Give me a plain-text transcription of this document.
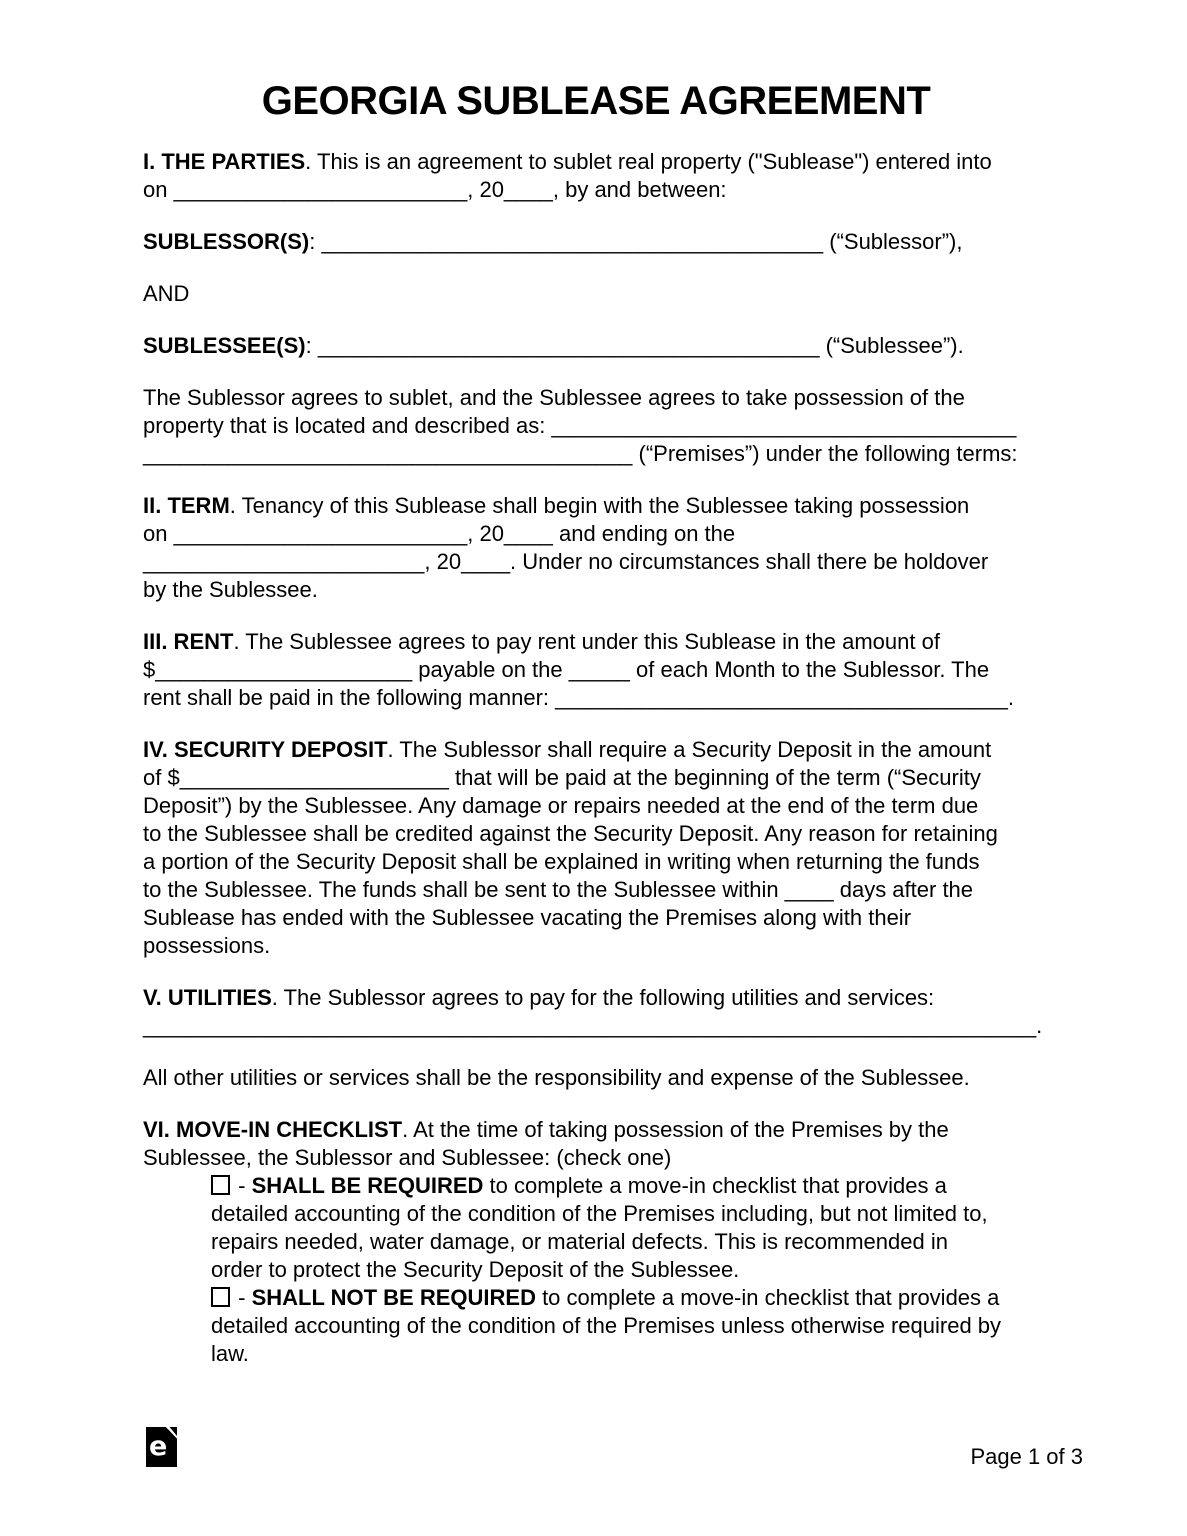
GEORGIA SUBLEASE AGREEMENT
I. THE PARTIES. This is an agreement to sublet real property ("Sublease") entered into
on ________________________, 20____, by and between:
SUBLESSOR(S): _________________________________________ (“Sublessor”),
AND
SUBLESSEE(S): _________________________________________ (“Sublessee”).
The Sublessor agrees to sublet, and the Sublessee agrees to take possession of the
property that is located and described as: ______________________________________
________________________________________ (“Premises”) under the following terms:
II. TERM. Tenancy of this Sublease shall begin with the Sublessee taking possession
on ________________________, 20____ and ending on the
_______________________, 20____. Under no circumstances shall there be holdover
by the Sublessee.
III. RENT. The Sublessee agrees to pay rent under this Sublease in the amount of
$_____________________ payable on the _____ of each Month to the Sublessor. The
rent shall be paid in the following manner: _____________________________________.
IV. SECURITY DEPOSIT. The Sublessor shall require a Security Deposit in the amount
of $______________________ that will be paid at the beginning of the term (“Security
Deposit”) by the Sublessee. Any damage or repairs needed at the end of the term due
to the Sublessee shall be credited against the Security Deposit. Any reason for retaining
a portion of the Security Deposit shall be explained in writing when returning the funds
to the Sublessee. The funds shall be sent to the Sublessee within ____ days after the
Sublease has ended with the Sublessee vacating the Premises along with their
possessions.
V. UTILITIES. The Sublessor agrees to pay for the following utilities and services:
_________________________________________________________________________.
All other utilities or services shall be the responsibility and expense of the Sublessee.
VI. MOVE-IN CHECKLIST. At the time of taking possession of the Premises by the
Sublessee, the Sublessor and Sublessee: (check one)
- SHALL BE REQUIRED to complete a move-in checklist that provides a
detailed accounting of the condition of the Premises including, but not limited to,
repairs needed, water damage, or material defects. This is recommended in
order to protect the Security Deposit of the Sublessee.
- SHALL NOT BE REQUIRED to complete a move-in checklist that provides a
detailed accounting of the condition of the Premises unless otherwise required by
law.
e	Page 1 of 3
